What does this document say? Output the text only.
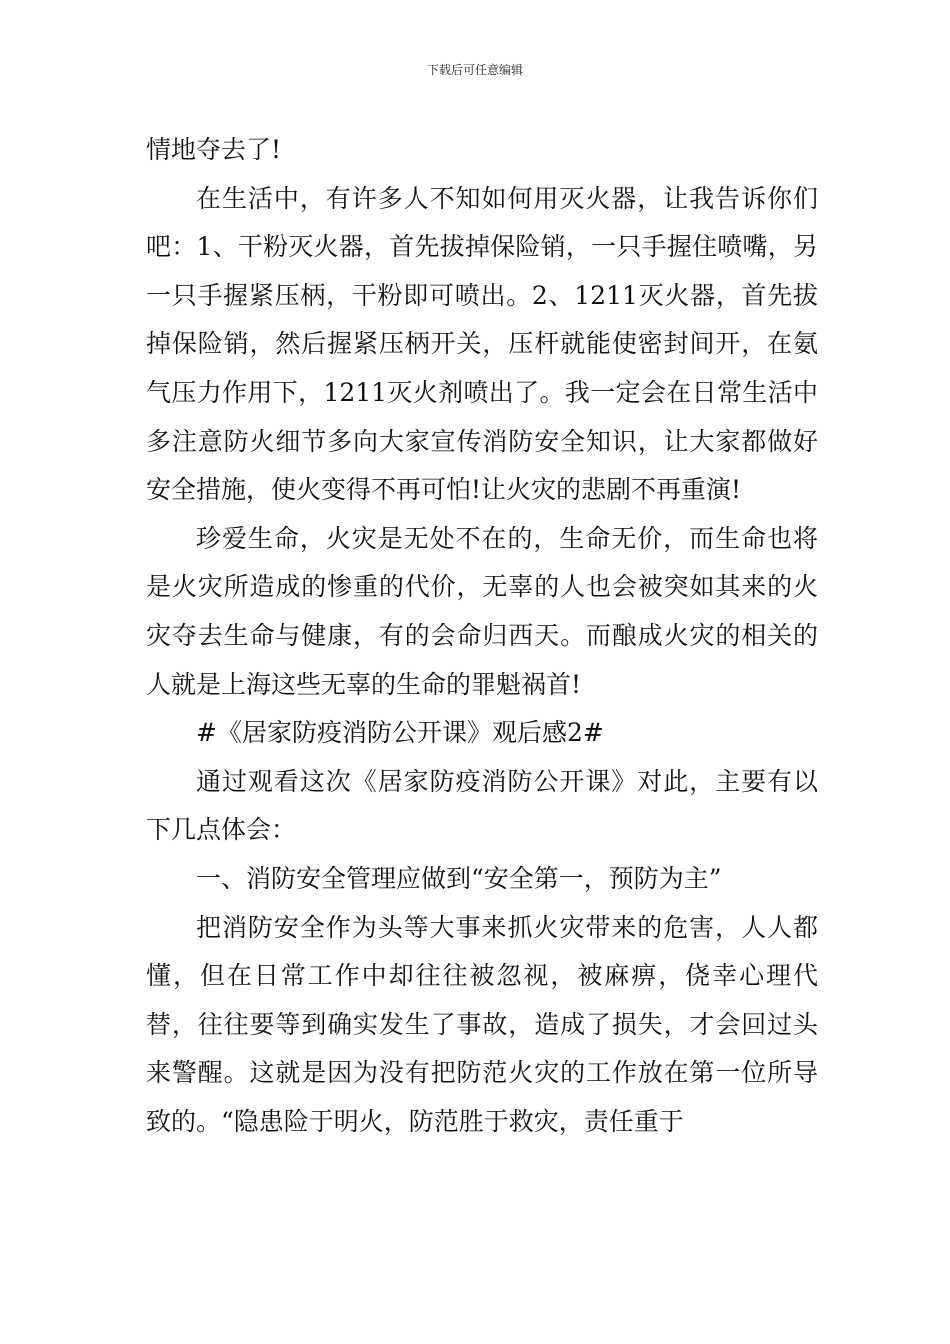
下载后可任意编辑

情地夺去了!

在生活中，有许多人不知如何用灭火器，让我告诉你们吧：1、干粉灭火器，首先拔掉保险销，一只手握住喷嘴，另一只手握紧压柄，干粉即可喷出。2、1211灭火器，首先拔掉保险销，然后握紧压柄开关，压杆就能使密封间开，在氨气压力作用下，1211灭火剂喷出了。我一定会在日常生活中多注意防火细节多向大家宣传消防安全知识，让大家都做好安全措施，使火变得不再可怕!让火灾的悲剧不再重演!

珍爱生命，火灾是无处不在的，生命无价，而生命也将是火灾所造成的惨重的代价，无辜的人也会被突如其来的火灾夺去生命与健康，有的会命归西天。而酿成火灾的相关的人就是上海这些无辜的生命的罪魁祸首!

#《居家防疫消防公开课》观后感2#

通过观看这次《居家防疫消防公开课》对此，主要有以下几点体会：

一、消防安全管理应做到“安全第一，预防为主”

把消防安全作为头等大事来抓火灾带来的危害，人人都懂，但在日常工作中却往往被忽视，被麻痹，侥幸心理代替，往往要等到确实发生了事故，造成了损失，才会回过头来警醒。这就是因为没有把防范火灾的工作放在第一位所导致的。“隐患险于明火，防范胜于救灾，责任重于
